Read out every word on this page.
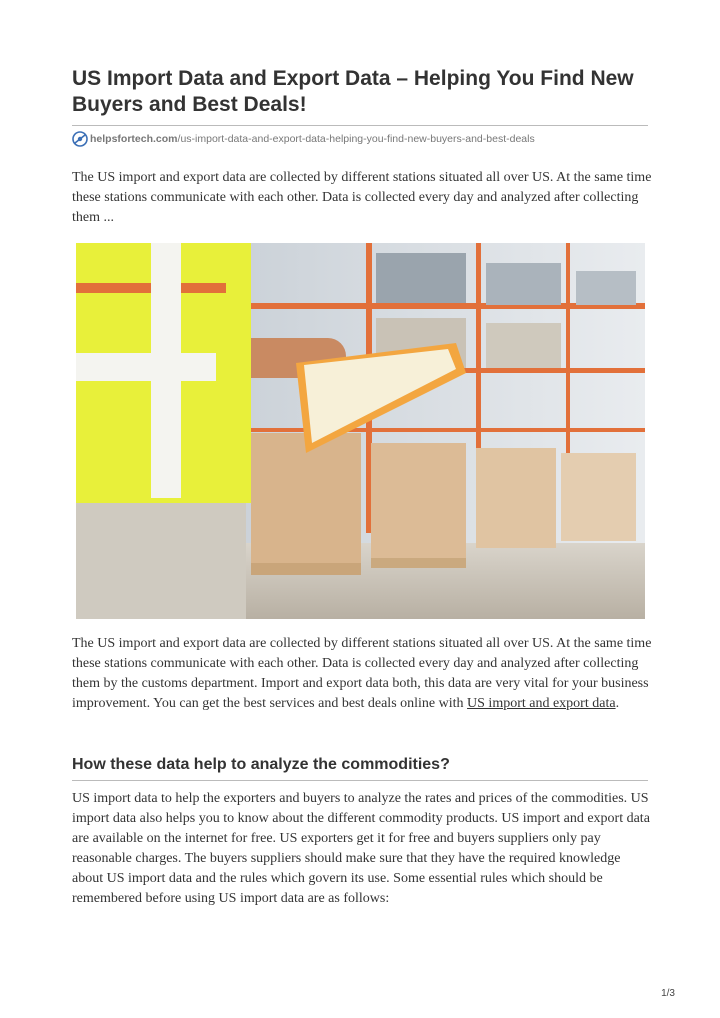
US Import Data and Export Data – Helping You Find New Buyers and Best Deals!
helpsfortech.com /us-import-data-and-export-data-helping-you-find-new-buyers-and-best-deals

The US import and export data are collected by different stations situated all over US. At the same time these stations communicate with each other. Data is collected every day and analyzed after collecting them ...

The US import and export data are collected by different stations situated all over US. At the same time these stations communicate with each other. Data is collected every day and analyzed after collecting them by the customs department. Import and export data both, this data are very vital for your business improvement. You can get the best services and best deals online with US import and export data.

How these data help to analyze the commodities?

US import data to help the exporters and buyers to analyze the rates and prices of the commodities. US import data also helps you to know about the different commodity products. US import and export data are available on the internet for free. US exporters get it for free and buyers suppliers only pay reasonable charges. The buyers suppliers should make sure that they have the required knowledge about US import data and the rules which govern its use. Some essential rules which should be remembered before using US import data are as follows:

1/3
